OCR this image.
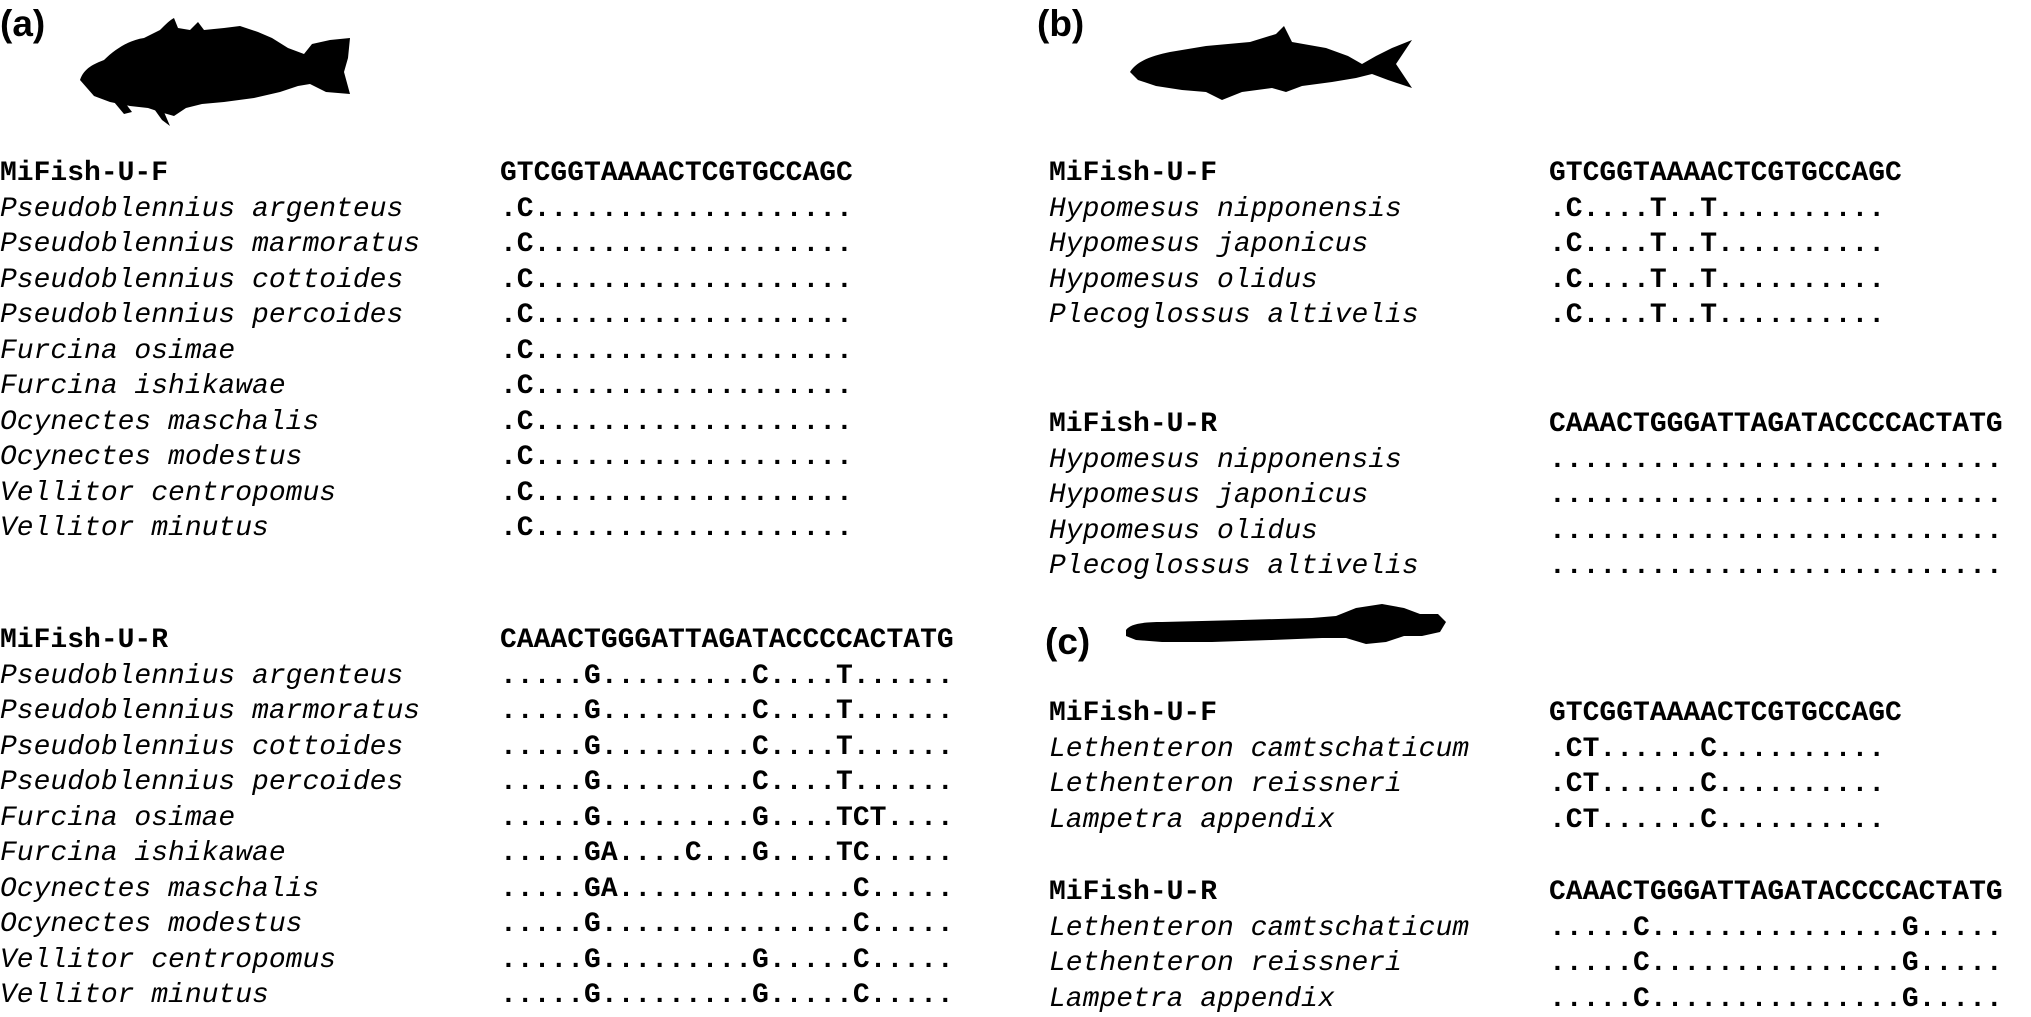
(a)
MiFish-U-F	GTCGGTAAAACTCGTGCCAGC
Pseudoblennius argenteus	.C...................
Pseudoblennius marmoratus	.C...................
Pseudoblennius cottoides	.C...................
Pseudoblennius percoides	.C...................
Furcina osimae	.C...................
Furcina ishikawae	.C...................
Ocynectes maschalis	.C...................
Ocynectes modestus	.C...................
Vellitor centropomus	.C...................
Vellitor minutus	.C...................
MiFish-U-R	CAAACTGGGATTAGATACCCCACTATG
Pseudoblennius argenteus	.....G.........C....T......
Pseudoblennius marmoratus	.....G.........C....T......
Pseudoblennius cottoides	.....G.........C....T......
Pseudoblennius percoides	.....G.........C....T......
Furcina osimae	.....G.........G....TCT....
Furcina ishikawae	.....GA....C...G....TC.....
Ocynectes maschalis	.....GA..............C.....
Ocynectes modestus	.....G...............C.....
Vellitor centropomus	.....G.........G.....C.....
Vellitor minutus	.....G.........G.....C.....
(b)
MiFish-U-F	GTCGGTAAAACTCGTGCCAGC
Hypomesus nipponensis	.C....T..T..........
Hypomesus japonicus	.C....T..T..........
Hypomesus olidus	.C....T..T..........
Plecoglossus altivelis	.C....T..T..........
MiFish-U-R	CAAACTGGGATTAGATACCCCACTATG
Hypomesus nipponensis	...........................
Hypomesus japonicus	...........................
Hypomesus olidus	...........................
Plecoglossus altivelis	...........................
(c)
MiFish-U-F	GTCGGTAAAACTCGTGCCAGC
Lethenteron camtschaticum	.CT......C..........
Lethenteron reissneri	.CT......C..........
Lampetra appendix	.CT......C..........
MiFish-U-R	CAAACTGGGATTAGATACCCCACTATG
Lethenteron camtschaticum	.....C...............G.....
Lethenteron reissneri	.....C...............G.....
Lampetra appendix	.....C...............G.....
